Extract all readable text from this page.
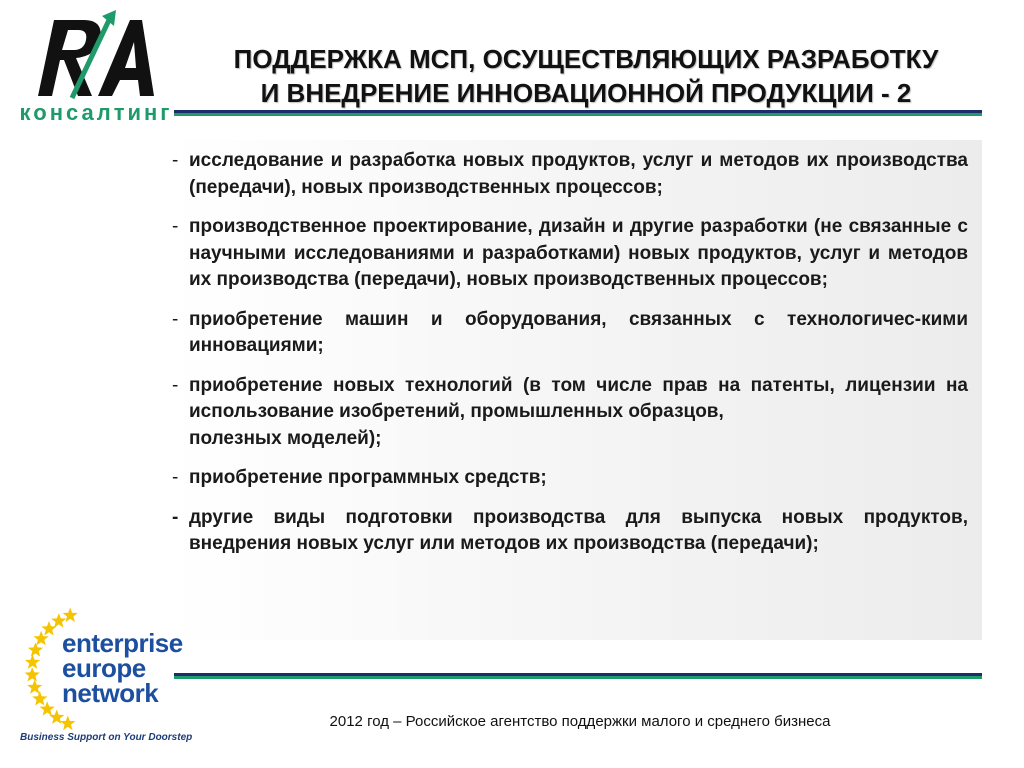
консалтинг
ПОДДЕРЖКА МСП, ОСУЩЕСТВЛЯЮЩИХ РАЗРАБОТКУ
И ВНЕДРЕНИЕ ИННОВАЦИОННОЙ ПРОДУКЦИИ - 2
- исследование и разработка новых продуктов, услуг и методов их производства (передачи), новых производственных процессов;
- производственное проектирование, дизайн и другие разработки (не связанные с научными исследованиями и разработками) новых продуктов, услуг и методов их производства (передачи), новых производственных процессов;
- приобретение машин и оборудования, связанных с технологичес-кими инновациями;
- приобретение новых технологий (в том числе прав на патенты, лицензии на использование изобретений, промышленных образцов,
полезных моделей);
- приобретение программных средств;
- другие виды подготовки производства для выпуска новых продуктов, внедрения новых услуг или методов их производства (передачи);
enterprise
europe
network
Business Support on Your Doorstep
2012 год – Российское агентство поддержки малого и среднего бизнеса
